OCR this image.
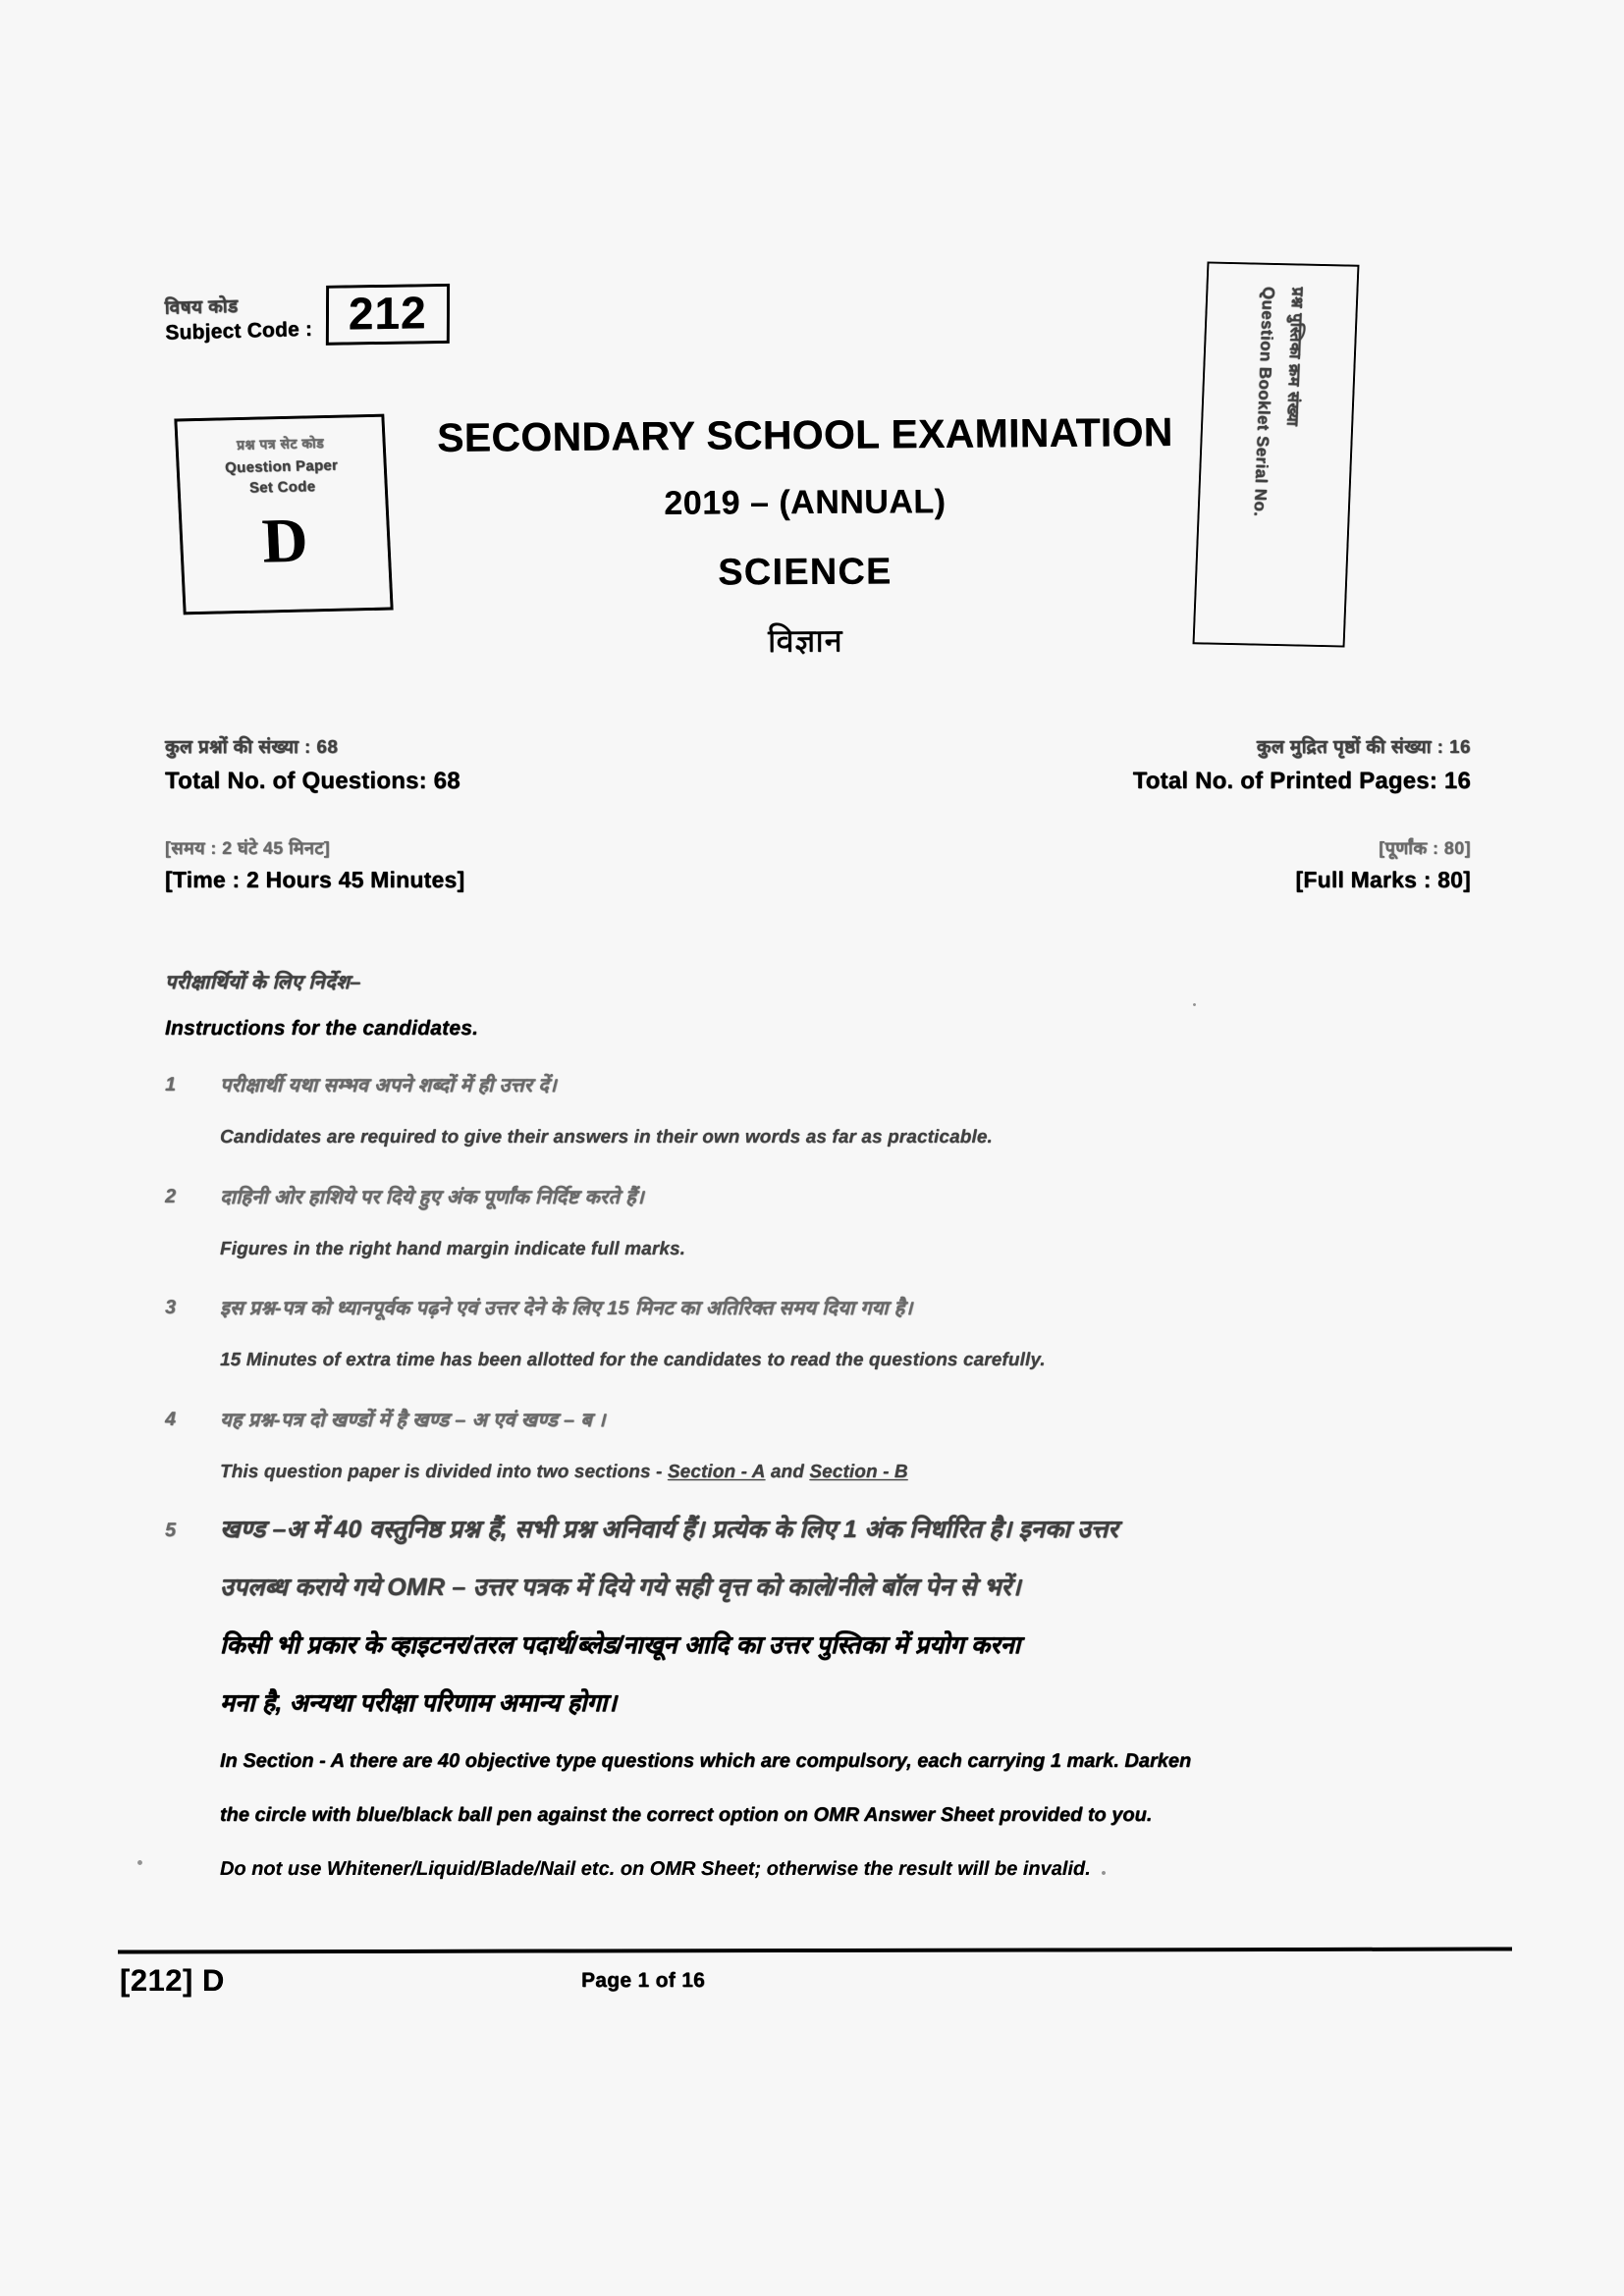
विषय कोड
Subject Code : 212
प्रश्न पत्र सेट कोड
Question Paper
Set Code
D
प्रश्न पुस्तिका क्रम संख्या
Question Booklet Serial No.
SECONDARY SCHOOL EXAMINATION
2019 – (ANNUAL)
SCIENCE
विज्ञान
कुल प्रश्नों की संख्या : 68
Total No. of Questions: 68
कुल मुद्रित पृष्ठों की संख्या : 16
Total No. of Printed Pages: 16
[समय : 2 घंटे 45 मिनट]
[Time : 2 Hours 45 Minutes]
[पूर्णांक : 80]
[Full Marks : 80]
परीक्षार्थियों के लिए निर्देश–
Instructions for the candidates.
1	परीक्षार्थी यथा सम्भव अपने शब्दों में ही उत्तर दें।
Candidates are required to give their answers in their own words as far as practicable.
2	दाहिनी ओर हाशिये पर दिये हुए अंक पूर्णांक निर्दिष्ट करते हैं।
Figures in the right hand margin indicate full marks.
3	इस प्रश्न-पत्र को ध्यानपूर्वक पढ़ने एवं उत्तर देने के लिए 15 मिनट का अतिरिक्त समय दिया गया है।
15 Minutes of extra time has been allotted for the candidates to read the questions carefully.
4	यह प्रश्न-पत्र दो खण्डों में है खण्ड – अ एवं खण्ड – ब ।
This question paper is divided into two sections - Section - A and Section - B
5	खण्ड –अ में 40 वस्तुनिष्ठ प्रश्न हैं, सभी प्रश्न अनिवार्य हैं। प्रत्येक के लिए 1 अंक निर्धारित है। इनका उत्तर
उपलब्ध कराये गये OMR – उत्तर पत्रक में दिये गये सही वृत्त को काले/नीले बॉल पेन से भरें।
किसी भी प्रकार के व्हाइटनर/तरल पदार्थ/ब्लेड/नाखून आदि का उत्तर पुस्तिका में प्रयोग करना
मना है, अन्यथा परीक्षा परिणाम अमान्य होगा।
In Section - A there are 40 objective type questions which are compulsory, each carrying 1 mark. Darken
the circle with blue/black ball pen against the correct option on OMR Answer Sheet provided to you.
Do not use Whitener/Liquid/Blade/Nail etc. on OMR Sheet; otherwise the result will be invalid.
[212] D	Page 1 of 16
